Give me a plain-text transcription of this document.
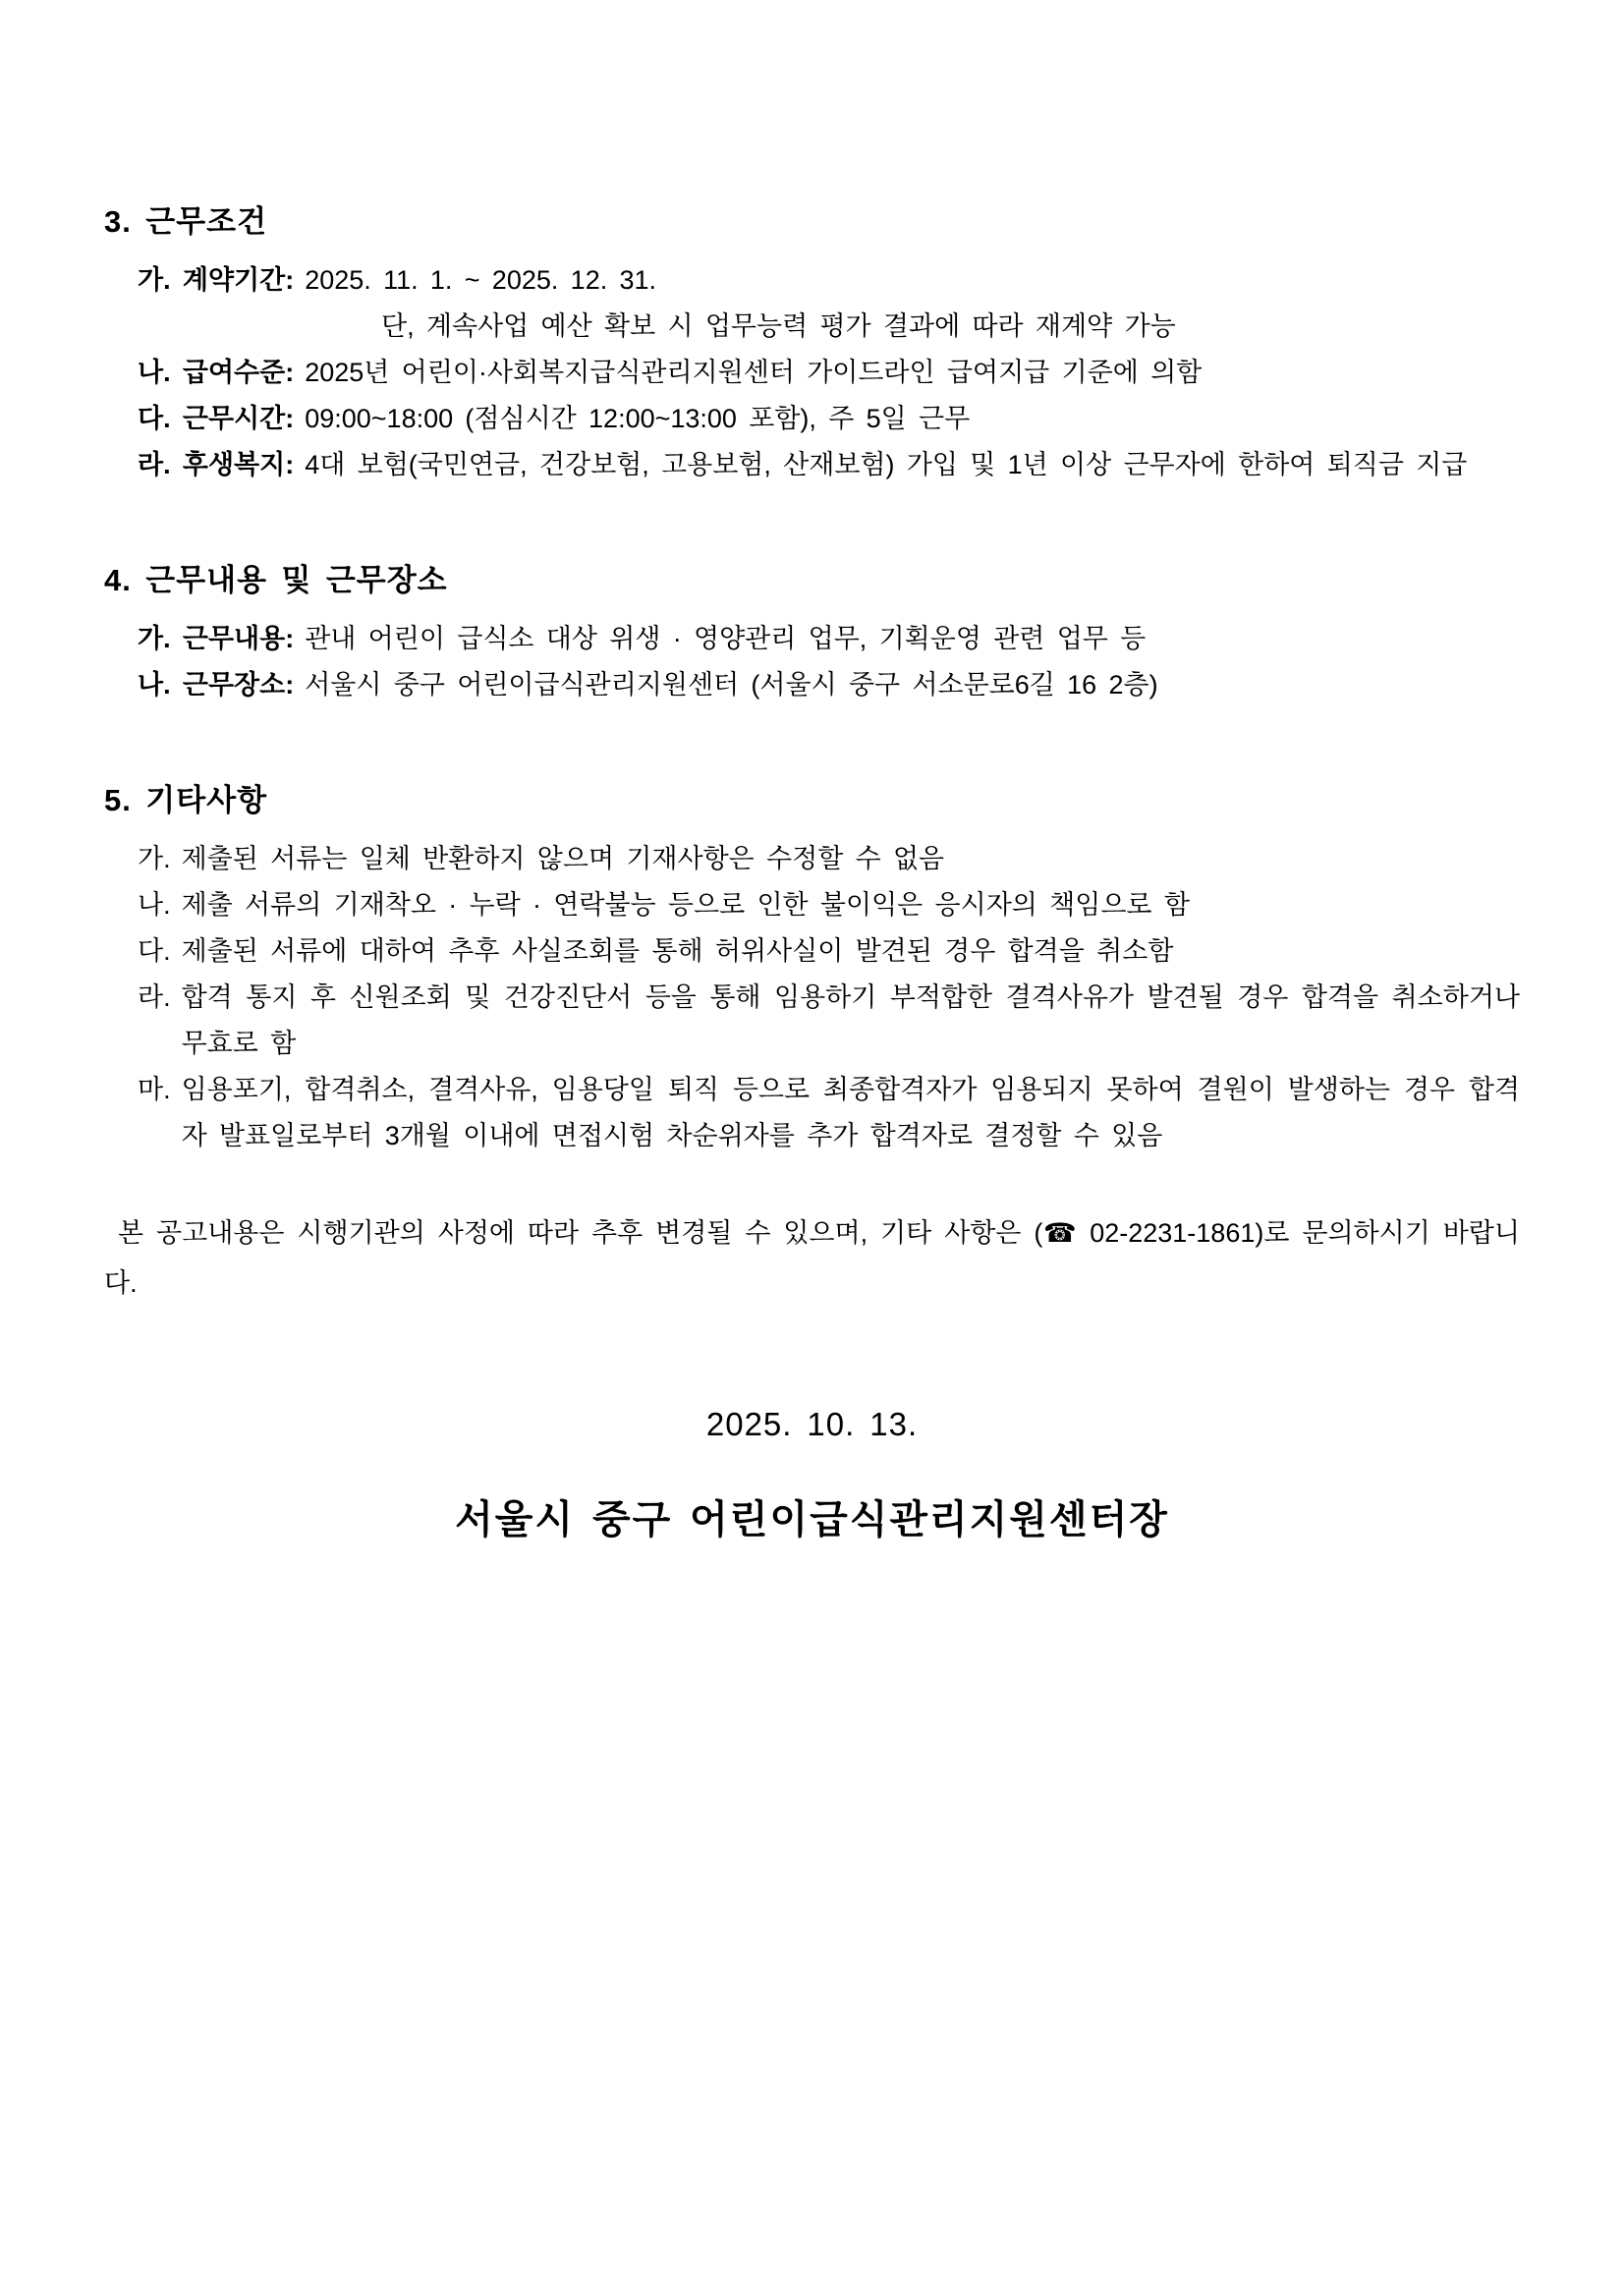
3. 근무조건
가. 계약기간: 2025. 11. 1. ~ 2025. 12. 31.
단, 계속사업 예산 확보 시 업무능력 평가 결과에 따라 재계약 가능
나. 급여수준: 2025년 어린이·사회복지급식관리지원센터 가이드라인 급여지급 기준에 의함
다. 근무시간: 09:00~18:00 (점심시간 12:00~13:00 포함), 주 5일 근무
라. 후생복지: 4대 보험(국민연금, 건강보험, 고용보험, 산재보험) 가입 및 1년 이상 근무자에 한하여 퇴직금 지급
4. 근무내용 및 근무장소
가. 근무내용: 관내 어린이 급식소 대상 위생 · 영양관리 업무, 기획운영 관련 업무 등
나. 근무장소: 서울시 중구 어린이급식관리지원센터 (서울시 중구 서소문로6길 16 2층)
5. 기타사항
가. 제출된 서류는 일체 반환하지 않으며 기재사항은 수정할 수 없음
나. 제출 서류의 기재착오 · 누락 · 연락불능 등으로 인한 불이익은 응시자의 책임으로 함
다. 제출된 서류에 대하여 추후 사실조회를 통해 허위사실이 발견된 경우 합격을 취소함
라. 합격 통지 후 신원조회 및 건강진단서 등을 통해 임용하기 부적합한 결격사유가 발견될 경우 합격을 취소하거나 무효로 함
마. 임용포기, 합격취소, 결격사유, 임용당일 퇴직 등으로 최종합격자가 임용되지 못하여 결원이 발생하는 경우 합격자 발표일로부터 3개월 이내에 면접시험 차순위자를 추가 합격자로 결정할 수 있음
본 공고내용은 시행기관의 사정에 따라 추후 변경될 수 있으며, 기타 사항은 (☎ 02-2231-1861)로 문의하시기 바랍니다.
2025. 10. 13.
서울시 중구 어린이급식관리지원센터장
